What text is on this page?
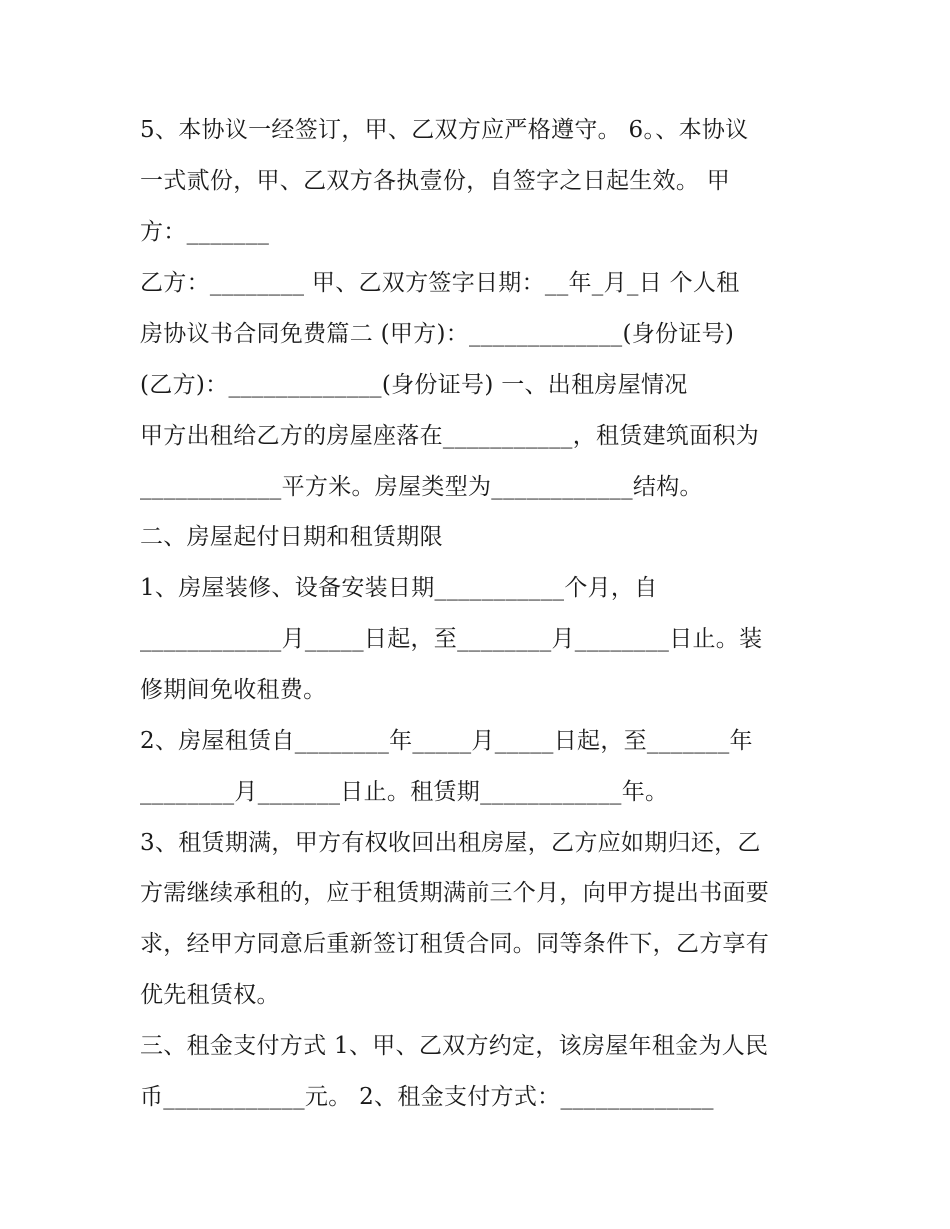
5、本协议一经签订，甲、乙双方应严格遵守。 6。、本协议
一式贰份，甲、乙双方各执壹份，自签字之日起生效。 甲
方：_______
乙方：________ 甲、乙双方签字日期：__年_月_日 个人租
房协议书合同免费篇二 (甲方)：_____________(身份证号)
(乙方)：_____________(身份证号) 一、出租房屋情况
甲方出租给乙方的房屋座落在___________，租赁建筑面积为
____________平方米。房屋类型为____________结构。
二、房屋起付日期和租赁期限
1、房屋装修、设备安装日期___________个月，自
____________月_____日起，至________月________日止。装
修期间免收租费。
2、房屋租赁自________年_____月_____日起，至_______年
________月_______日止。租赁期____________年。
3、租赁期满，甲方有权收回出租房屋，乙方应如期归还，乙
方需继续承租的，应于租赁期满前三个月，向甲方提出书面要
求，经甲方同意后重新签订租赁合同。同等条件下，乙方享有
优先租赁权。
三、租金支付方式 1、甲、乙双方约定，该房屋年租金为人民
币____________元。 2、租金支付方式：_____________
